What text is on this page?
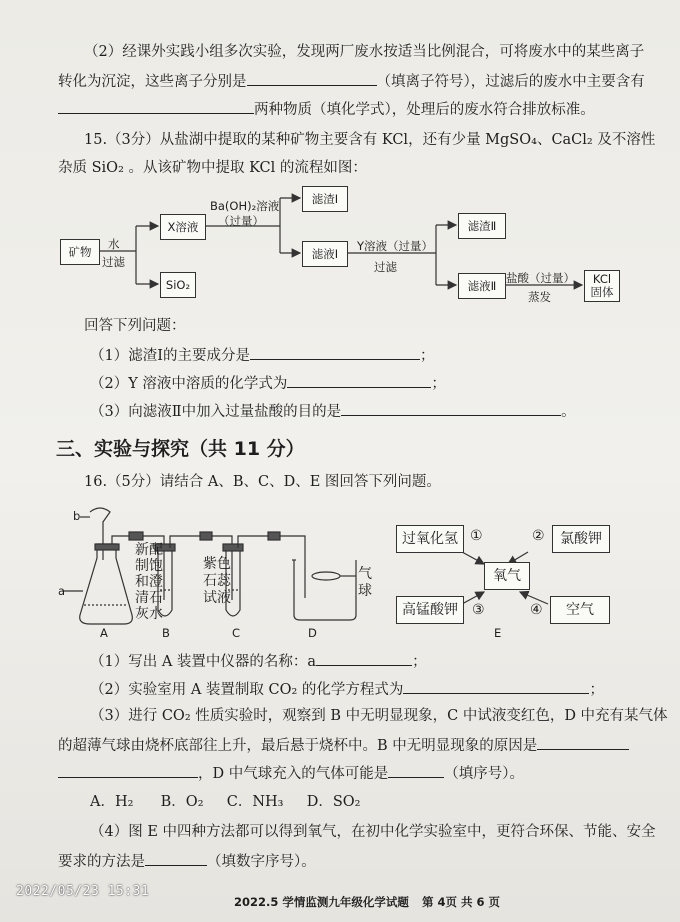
（2）经课外实践小组多次实验，发现两厂废水按适当比例混合，可将废水中的某些离子
转化为沉淀，这些离子分别是	（填离子符号），过滤后的废水中主要含有
两种物质（填化学式），处理后的废水符合排放标准。
15.（3分）从盐湖中提取的某种矿物主要含有 KCl，还有少量 MgSO₄、CaCl₂ 及不溶性
杂质 SiO₂ 。从该矿物中提取 KCl 的流程如图：
矿物
水
过滤
X溶液
SiO₂
Ba(OH)₂溶液
（过量）
滤渣Ⅰ
滤液Ⅰ
Y溶液（过量）
过滤
滤渣Ⅱ
滤液Ⅱ
盐酸（过量）
蒸发
KCl
固体
回答下列问题：
（1）滤渣Ⅰ的主要成分是	；
（2）Y 溶液中溶质的化学式为	；
（3）向滤液Ⅱ中加入过量盐酸的目的是	。
三、实验与探究（共 11 分）
16.（5分）请结合 A、B、C、D、E 图回答下列问题。
b
a
新配
制饱
和澄
清石
灰水
紫色
石蕊
试液
气
球
A	B	C	D
过氧化氢 ①	②	氯酸钾
氧气
高锰酸钾	③	④	空气
E
（1）写出 A 装置中仪器的名称：a	；
（2）实验室用 A 装置制取 CO₂ 的化学方程式为	；
（3）进行 CO₂ 性质实验时，观察到 B 中无明显现象，C 中试液变红色，D 中充有某气体
的超薄气球由烧杯底部往上升，最后悬于烧杯中。B 中无明显现象的原因是
，D 中气球充入的气体可能是	（填序号）。
A．H₂ B．O₂ C．NH₃ D．SO₂
（4）图 E 中四种方法都可以得到氧气，在初中化学实验室中，更符合环保、节能、安全
要求的方法是	（填数字序号）。
2022.5 学情监测九年级化学试题 第 4页 共 6 页
2022/05/23 15:31
